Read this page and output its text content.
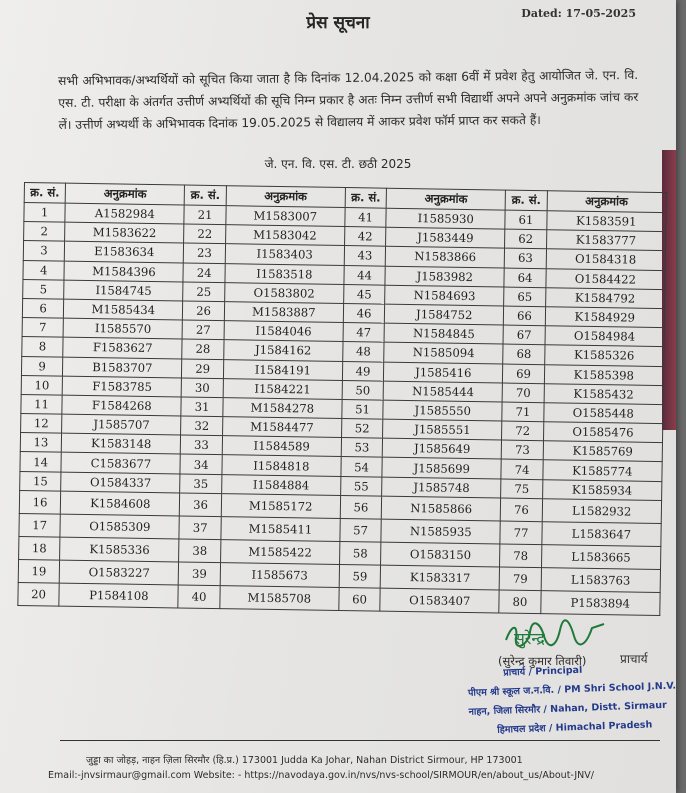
प्रेस सूचना	Dated: 17-05-2025
सभी अभिभावक/अभ्यर्थियों को सूचित किया जाता है कि दिनांक 12.04.2025 को कक्षा 6वीं में प्रवेश हेतु आयोजित जे. एन. वि. एस. टी. परीक्षा के अंतर्गत उत्तीर्ण अभ्यर्थियों की सूचि निम्न प्रकार है अतः निम्न उत्तीर्ण सभी विद्यार्थी अपने अपने अनुक्रमांक जांच कर लें। उत्तीर्ण अभ्यर्थी के अभिभावक दिनांक 19.05.2025 से विद्यालय में आकर प्रवेश फॉर्म प्राप्त कर सकते हैं।
जे. एन. वि. एस. टी. छठी 2025
क्र. सं.	अनुक्रमांक	क्र. सं.	अनुक्रमांक	क्र. सं.	अनुक्रमांक	क्र. सं.	अनुक्रमांक
1	A1582984	21	M1583007	41	I1585930	61	K1583591
2	M1583622	22	M1583042	42	J1583449	62	K1583777
3	E1583634	23	I1583403	43	N1583866	63	O1584318
4	M1584396	24	I1583518	44	J1583982	64	O1584422
5	I1584745	25	O1583802	45	N1584693	65	K1584792
6	M1585434	26	M1583887	46	J1584752	66	K1584929
7	I1585570	27	I1584046	47	N1584845	67	O1584984
8	F1583627	28	J1584162	48	N1585094	68	K1585326
9	B1583707	29	I1584191	49	J1585416	69	K1585398
10	F1583785	30	I1584221	50	N1585444	70	K1585432
11	F1584268	31	M1584278	51	J1585550	71	O1585448
12	J1585707	32	M1584477	52	J1585551	72	O1585476
13	K1583148	33	I1584589	53	J1585649	73	K1585769
14	C1583677	34	I1584818	54	J1585699	74	K1585774
15	O1584337	35	I1584884	55	J1585748	75	K1585934
16	K1584608	36	M1585172	56	N1585866	76	L1582932
17	O1585309	37	M1585411	57	N1585935	77	L1583647
18	K1585336	38	M1585422	58	O1583150	78	L1583665
19	O1583227	39	I1585673	59	K1583317	79	L1583763
20	P1584108	40	M1585708	60	O1583407	80	P1583894
सुरेन्द्र
(सुरेन्द्र कुमार तिवारी)	प्राचार्य
प्राचार्य / Principal
पीएम श्री स्कूल ज.न.वि. / PM Shri School J.N.V.
नाहन, जिला सिरमौर / Nahan, Distt. Sirmaur
हिमाचल प्रदेश / Himachal Pradesh
जुड्डा का जोहड़, नाहन ज़िला सिरमौर (हि.प्र.) 173001 Judda Ka Johar, Nahan District Sirmour, HP 173001
Email:-jnvsirmaur@gmail.com Website: - https://navodaya.gov.in/nvs/nvs-school/SIRMOUR/en/about_us/About-JNV/
